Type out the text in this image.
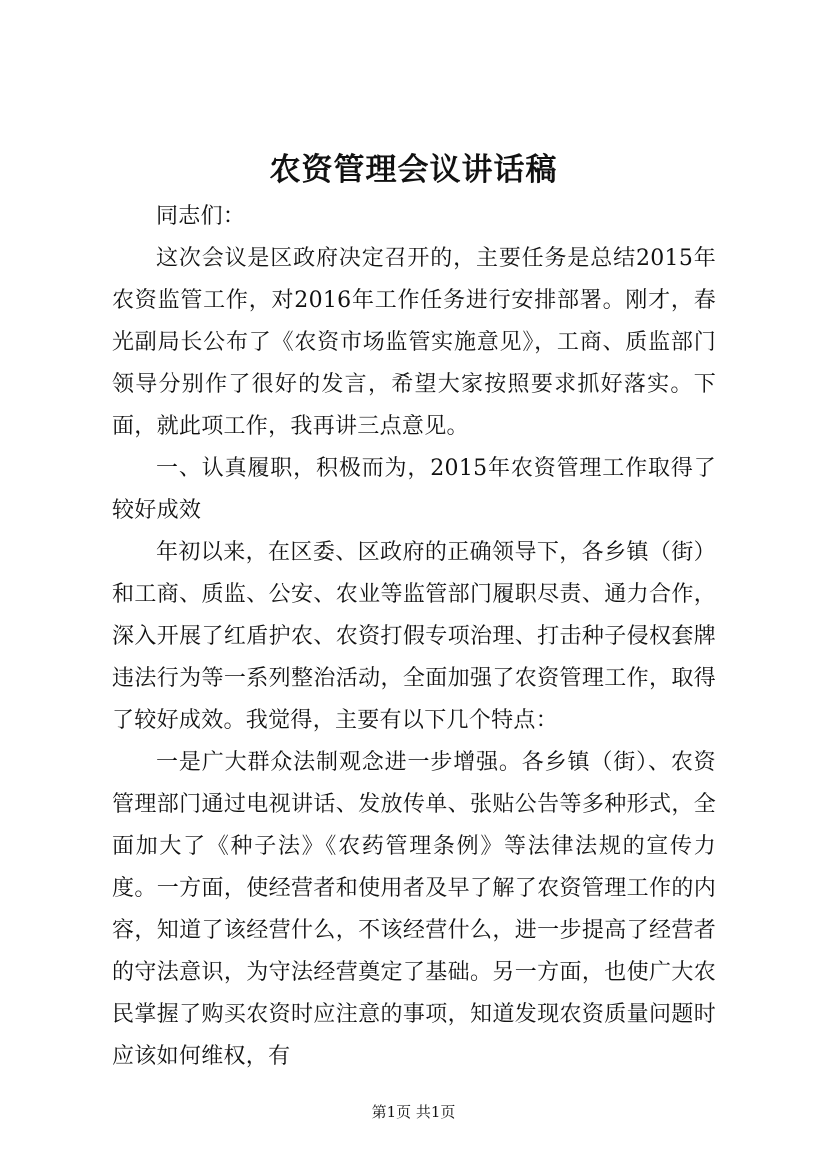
农资管理会议讲话稿

同志们：

这次会议是区政府决定召开的，主要任务是总结2015年农资监管工作，对2016年工作任务进行安排部署。刚才，春光副局长公布了《农资市场监管实施意见》，工商、质监部门领导分别作了很好的发言，希望大家按照要求抓好落实。下面，就此项工作，我再讲三点意见。

一、认真履职，积极而为，2015年农资管理工作取得了较好成效

年初以来，在区委、区政府的正确领导下，各乡镇（街）和工商、质监、公安、农业等监管部门履职尽责、通力合作，深入开展了红盾护农、农资打假专项治理、打击种子侵权套牌违法行为等一系列整治活动，全面加强了农资管理工作，取得了较好成效。我觉得，主要有以下几个特点：

一是广大群众法制观念进一步增强。各乡镇（街）、农资管理部门通过电视讲话、发放传单、张贴公告等多种形式，全面加大了《种子法》《农药管理条例》等法律法规的宣传力度。一方面，使经营者和使用者及早了解了农资管理工作的内容，知道了该经营什么，不该经营什么，进一步提高了经营者的守法意识，为守法经营奠定了基础。另一方面，也使广大农民掌握了购买农资时应注意的事项，知道发现农资质量问题时应该如何维权，有

第1页 共1页
